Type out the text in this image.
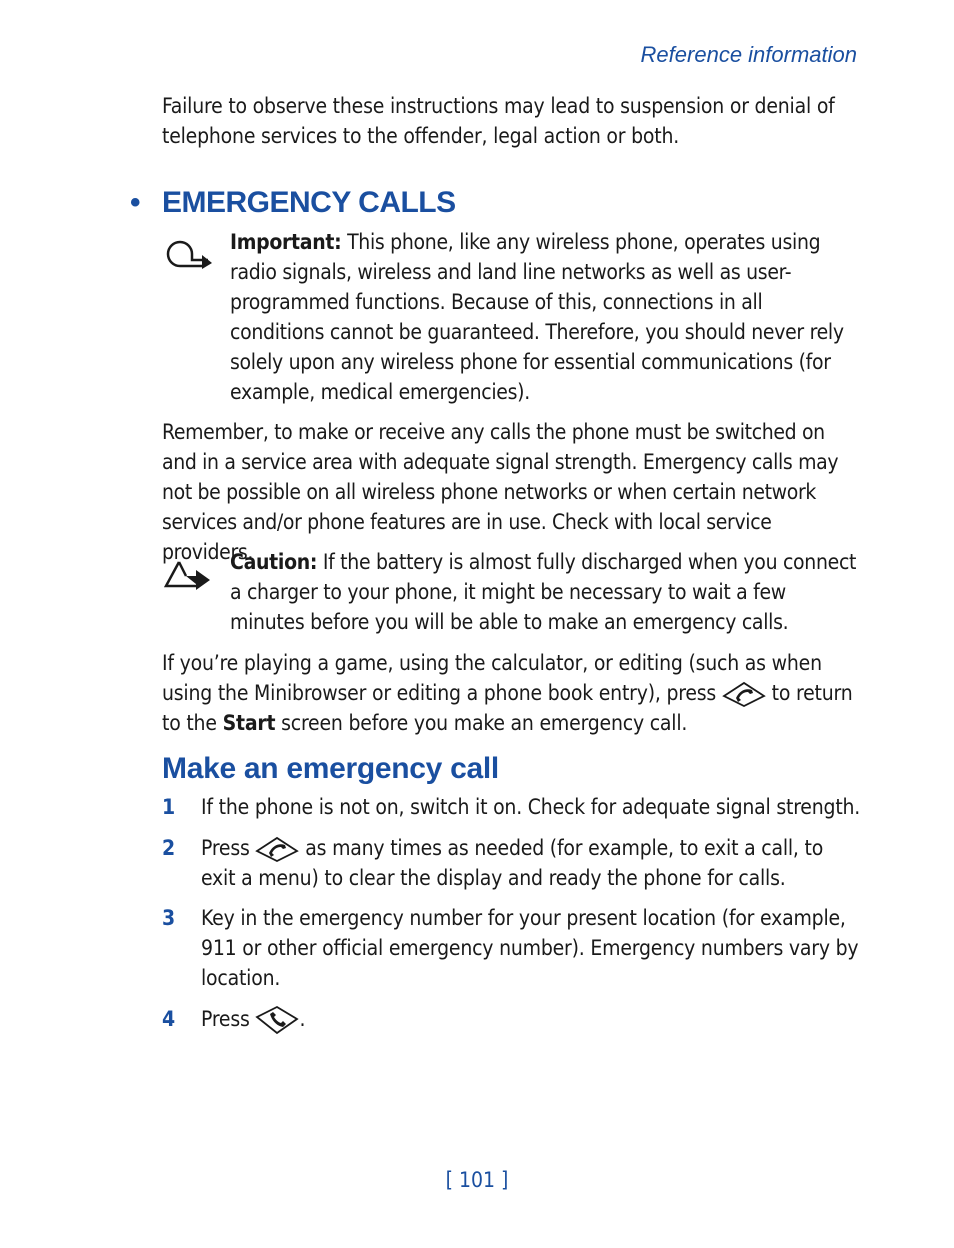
Reference information
Failure to observe these instructions may lead to suspension or denial of telephone services to the offender, legal action or both.
• EMERGENCY CALLS
Important: This phone, like any wireless phone, operates using radio signals, wireless and land line networks as well as user-programmed functions. Because of this, connections in all conditions cannot be guaranteed. Therefore, you should never rely solely upon any wireless phone for essential communications (for example, medical emergencies).
Remember, to make or receive any calls the phone must be switched on and in a service area with adequate signal strength. Emergency calls may not be possible on all wireless phone networks or when certain network services and/or phone features are in use. Check with local service providers.
Caution: If the battery is almost fully discharged when you connect a charger to your phone, it might be necessary to wait a few minutes before you will be able to make an emergency calls.
If you’re playing a game, using the calculator, or editing (such as when using the Minibrowser or editing a phone book entry), press  to return to the Start screen before you make an emergency call.
Make an emergency call
1 If the phone is not on, switch it on. Check for adequate signal strength.
2 Press  as many times as needed (for example, to exit a call, to exit a menu) to clear the display and ready the phone for calls.
3 Key in the emergency number for your present location (for example, 911 or other official emergency number). Emergency numbers vary by location.
4 Press .
[ 101 ]
